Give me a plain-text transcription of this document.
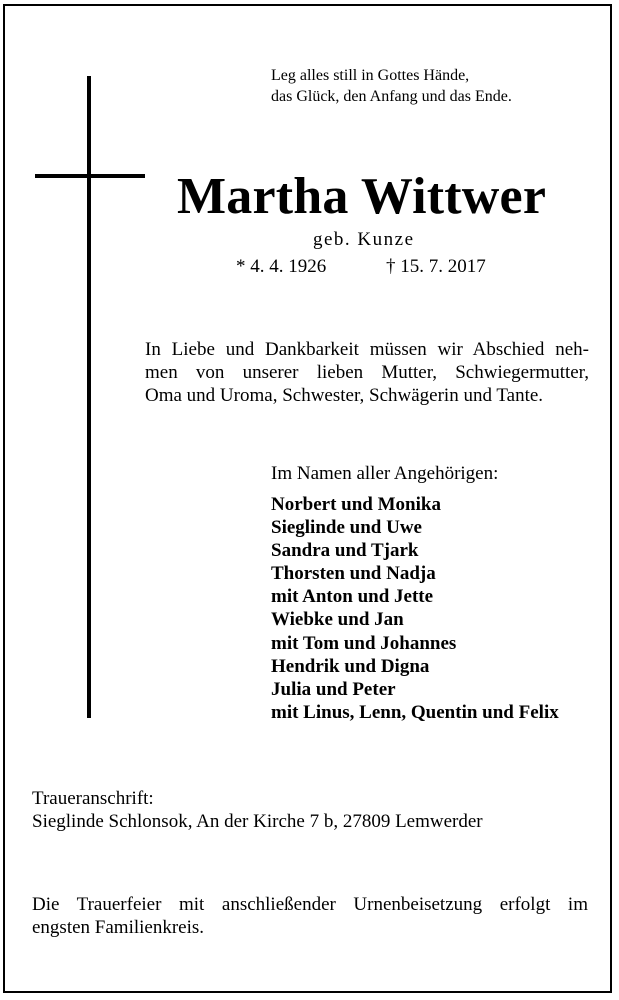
Leg alles still in Gottes Hände,
das Glück, den Anfang und das Ende.
Martha Wittwer
geb. Kunze
* 4. 4. 1926	† 15. 7. 2017
In Liebe und Dankbarkeit müssen wir Abschied neh-
men von unserer lieben Mutter, Schwiegermutter,
Oma und Uroma, Schwester, Schwägerin und Tante.
Im Namen aller Angehörigen:
Norbert und Monika
Sieglinde und Uwe
Sandra und Tjark
Thorsten und Nadja
mit Anton und Jette
Wiebke und Jan
mit Tom und Johannes
Hendrik und Digna
Julia und Peter
mit Linus, Lenn, Quentin und Felix
Traueranschrift:
Sieglinde Schlonsok, An der Kirche 7 b, 27809 Lemwerder
Die Trauerfeier mit anschließender Urnenbeisetzung erfolgt im
engsten Familienkreis.
